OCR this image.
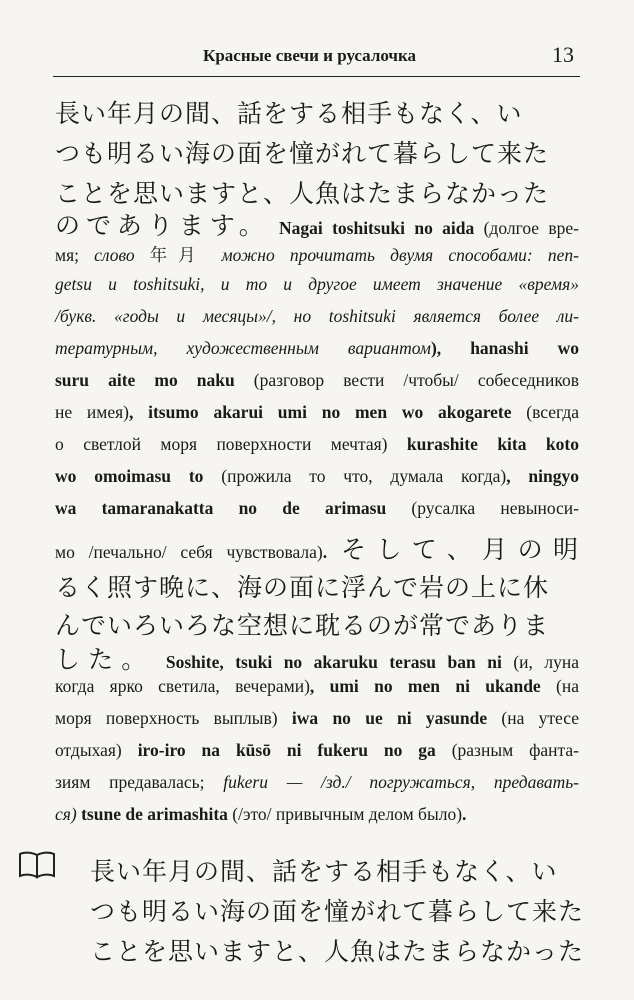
Красные свечи и русалочка	13
長い年月の間、話をする相手もなく、い
つも明るい海の面を憧がれて暮らして来た
ことを思いますと、人魚はたまらなかった
のであります。 Nagai toshitsuki no aida (долгое вре-
мя; слово 年月 можно прочитать двумя способами: nen-
getsu и toshitsuki, и то и другое имеет значение «время»
/букв. «годы и месяцы»/, но toshitsuki является более ли-
тературным, художественным вариантом), hanashi wo
suru aite mo naku (разговор вести /чтобы/ собеседников
не имея), itsumo akarui umi no men wo akogarete (всегда
о светлой моря поверхности мечтая) kurashite kita koto
wo omoimasu to (прожила то что, думала когда), ningyo
wa tamaranakatta no de arimasu (русалка невыноси-
мо /печально/ себя чувствовала). そして、月の明
るく照す晩に、海の面に浮んで岩の上に休
んでいろいろな空想に耽るのが常でありま
した。 Soshite, tsuki no akaruku terasu ban ni (и, луна
когда ярко светила, вечерами), umi no men ni ukande (на
моря поверхность выплыв) iwa no ue ni yasunde (на утесе
отдыхая) iro-iro na kūsō ni fukeru no ga (разным фанта-
зиям предавалась; fukeru — /зд./ погружаться, предавать-
ся) tsune de arimashita (/это/ привычным делом было).
長い年月の間、話をする相手もなく、い
つも明るい海の面を憧がれて暮らして来た
ことを思いますと、人魚はたまらなかった
